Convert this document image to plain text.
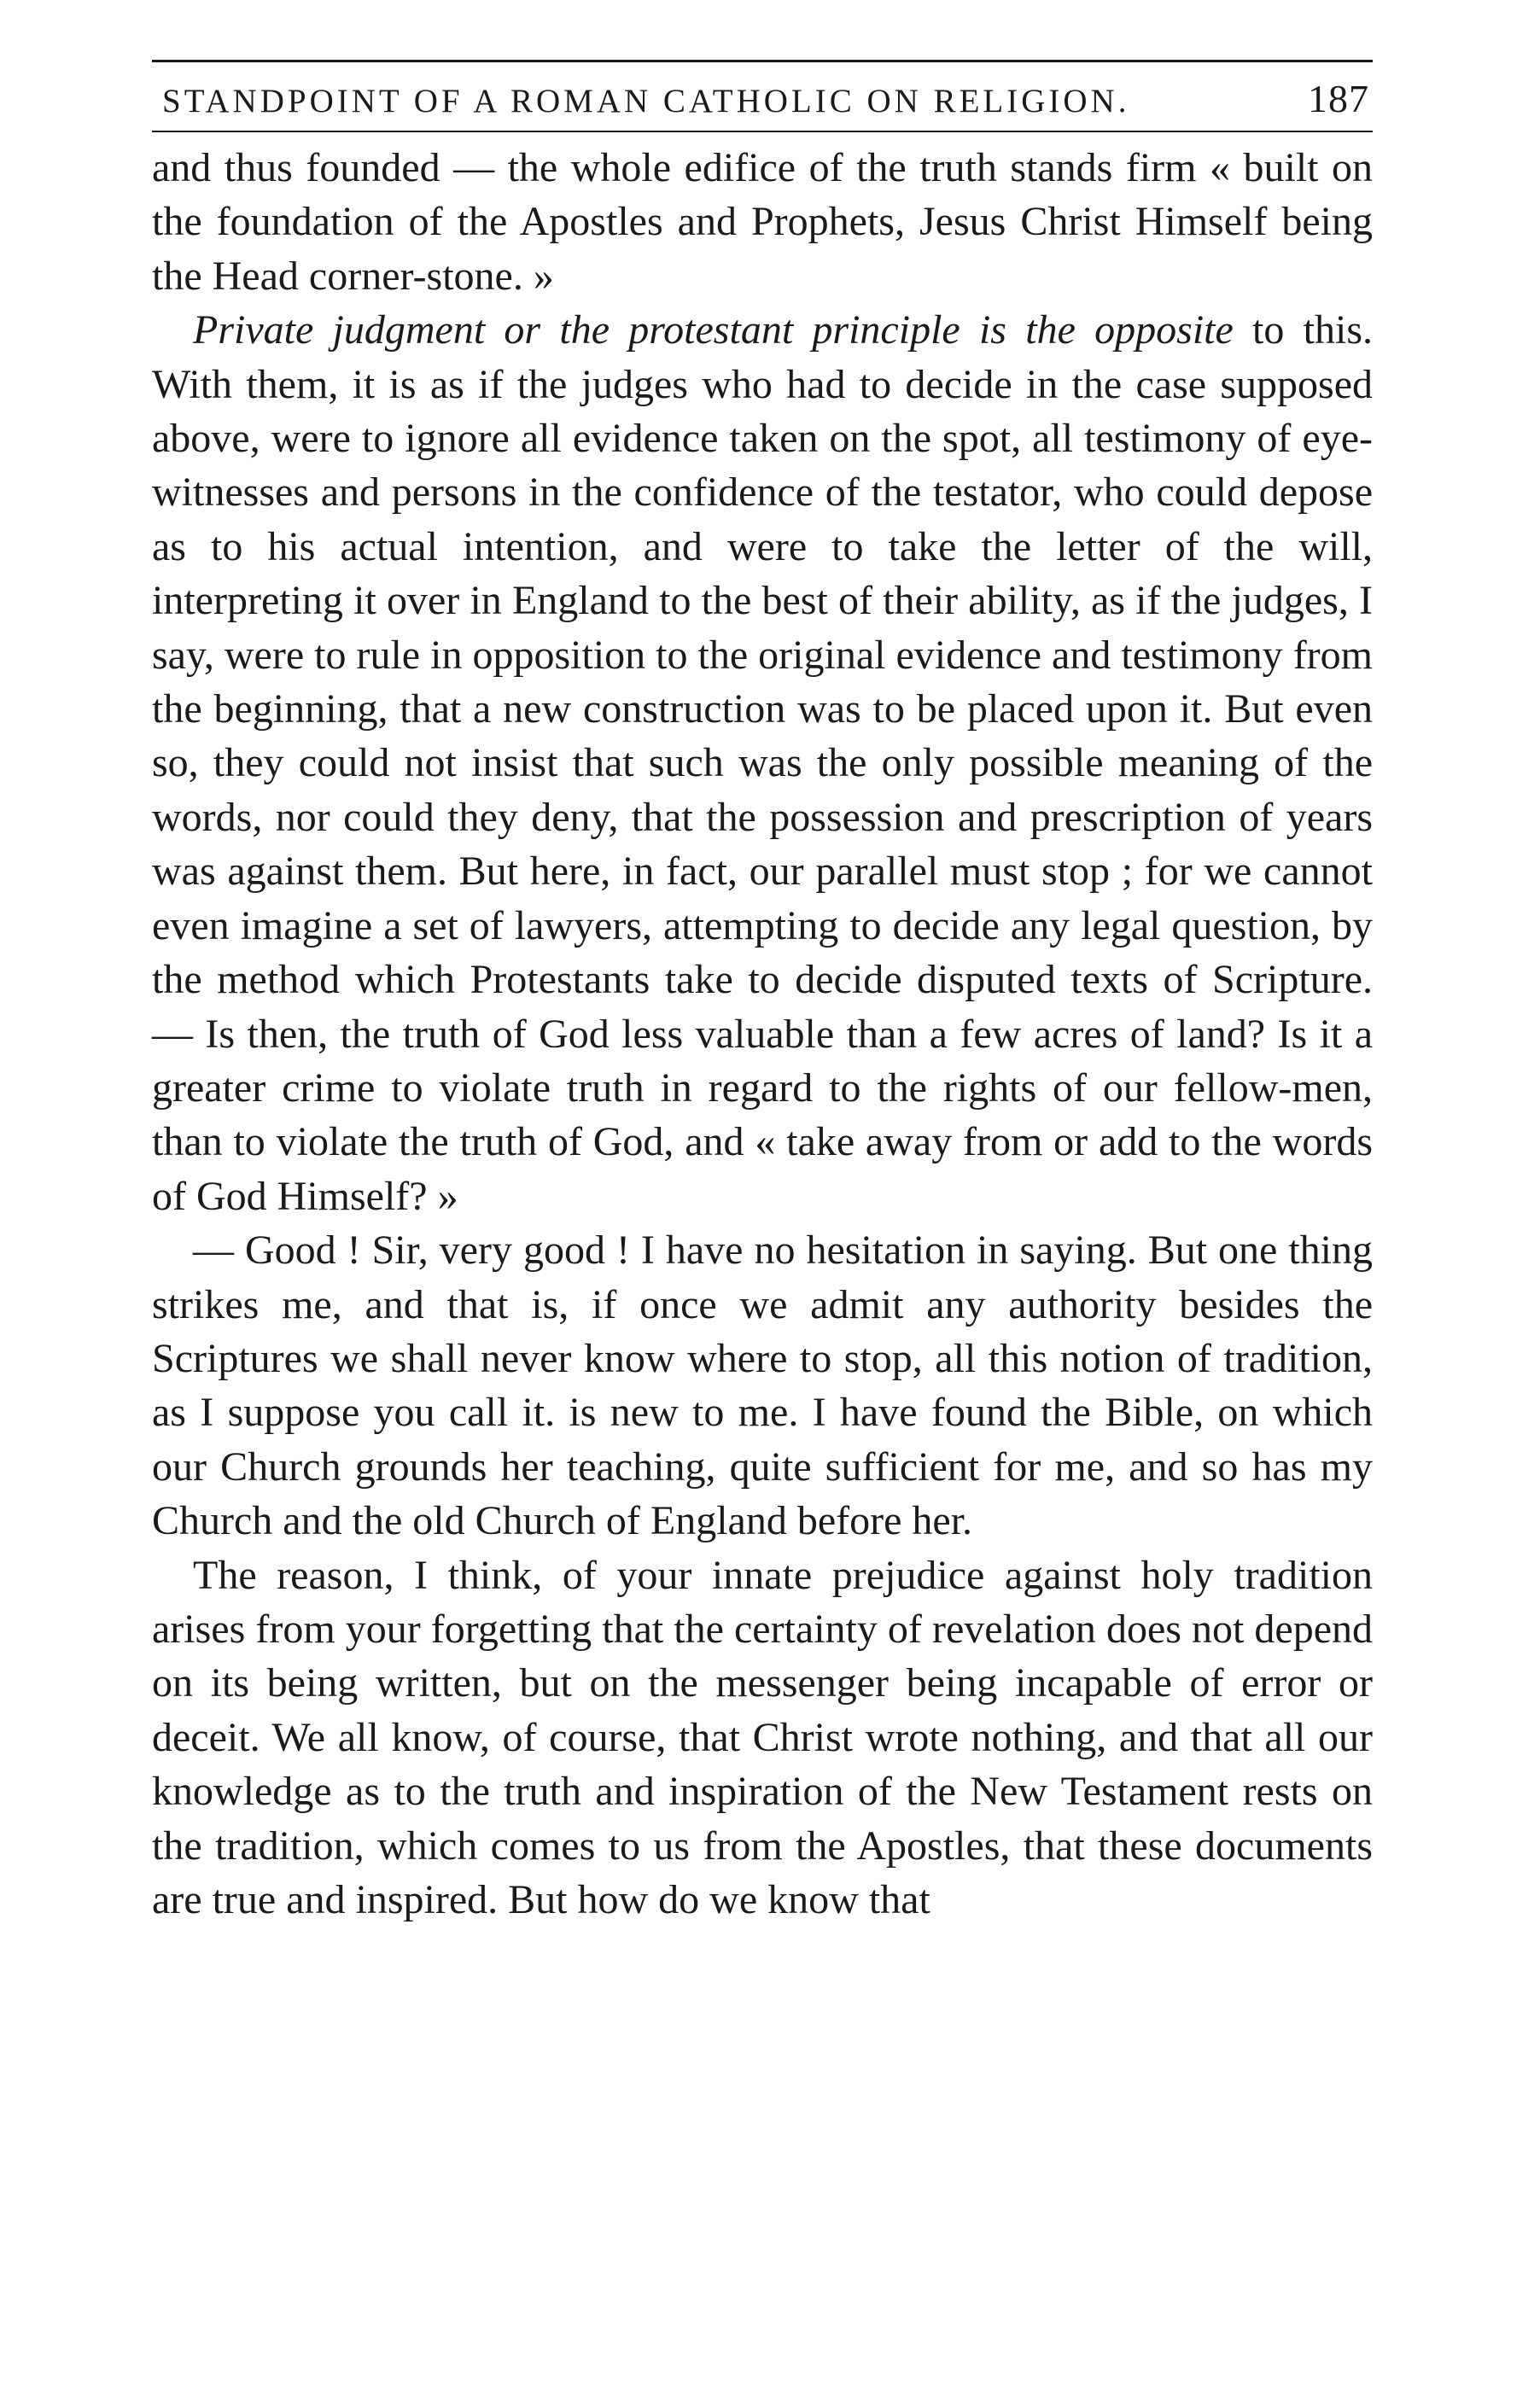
STANDPOINT OF A ROMAN CATHOLIC ON RELIGION.	187

and thus founded — the whole edifice of the truth stands firm « built on the foundation of the Apostles and Prophets, Jesus Christ Himself being the Head corner-stone. »

Private judgment or the protestant principle is the opposite to this. With them, it is as if the judges who had to decide in the case supposed above, were to ignore all evidence taken on the spot, all testimony of eye-witnesses and persons in the confidence of the testator, who could depose as to his actual intention, and were to take the letter of the will, interpreting it over in England to the best of their ability, as if the judges, I say, were to rule in opposition to the original evidence and testimony from the beginning, that a new construction was to be placed upon it. But even so, they could not insist that such was the only possible meaning of the words, nor could they deny, that the possession and prescription of years was against them. But here, in fact, our parallel must stop ; for we cannot even imagine a set of lawyers, attempting to decide any legal question, by the method which Protestants take to decide disputed texts of Scripture. — Is then, the truth of God less valuable than a few acres of land? Is it a greater crime to violate truth in regard to the rights of our fellow-men, than to violate the truth of God, and « take away from or add to the words of God Himself? »

— Good ! Sir, very good ! I have no hesitation in saying. But one thing strikes me, and that is, if once we admit any authority besides the Scriptures we shall never know where to stop, all this notion of tradition, as I suppose you call it. is new to me. I have found the Bible, on which our Church grounds her teaching, quite sufficient for me, and so has my Church and the old Church of England before her.

The reason, I think, of your innate prejudice against holy tradition arises from your forgetting that the certainty of revelation does not depend on its being written, but on the messenger being incapable of error or deceit. We all know, of course, that Christ wrote nothing, and that all our knowledge as to the truth and inspiration of the New Testament rests on the tradition, which comes to us from the Apostles, that these documents are true and inspired. But how do we know that
